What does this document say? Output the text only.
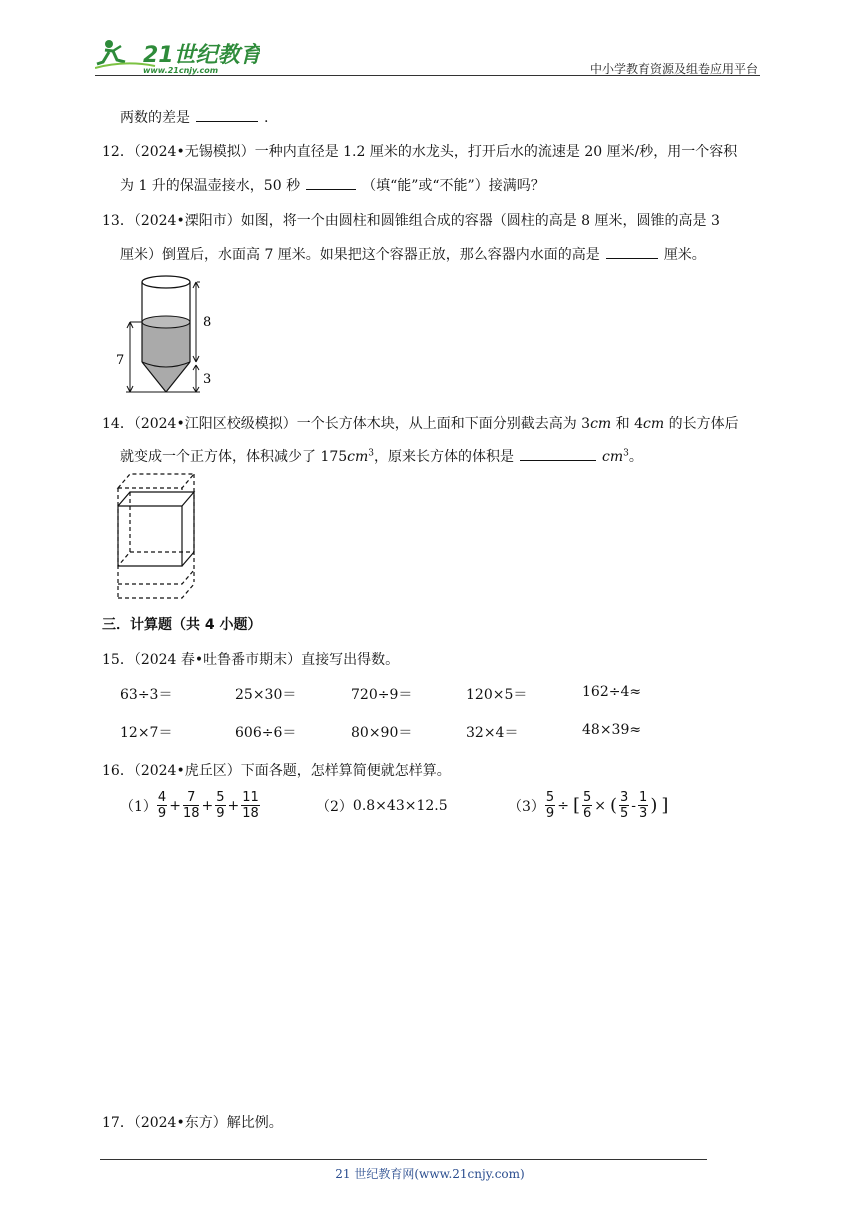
21世纪教育
www.21cnjy.com	中小学教育资源及组卷应用平台
两数的差是	.
12．（2024•无锡模拟）一种内直径是 1.2 厘米的水龙头，打开后水的流速是 20 厘米/秒，用一个容积
为 1 升的保温壶接水，50 秒	（填“能”或“不能”）接满吗？
13．（2024•溧阳市）如图，将一个由圆柱和圆锥组合成的容器（圆柱的高是 8 厘米，圆锥的高是 3
厘米）倒置后，水面高 7 厘米。如果把这个容器正放，那么容器内水面的高是	厘米。
8
7
3
14．（2024•江阳区校级模拟）一个长方体木块，从上面和下面分别截去高为 3cm 和 4cm 的长方体后
就变成一个正方体，体积减少了 $175cm^3$，原来长方体的体积是	$cm^3$。
三．计算题（共 4 小题）
15．（2024 春•吐鲁番市期末）直接写出得数。
63÷3＝	25×30＝	720÷9＝	120×5＝	162÷4≈
12×7＝	606÷6＝	80×90＝	32×4＝	48×39≈
16．（2024•虎丘区）下面各题，怎样算简便就怎样算。
$(1) \frac{4}{9} + \frac{7}{18} + \frac{5}{9} + \frac{11}{18}$	（2） 0.8×43×12.5	$(3) \frac{5}{9}$ ÷ [ $\frac{5}{6}$ × ( $\frac{3}{5} - \frac{1}{3}$ ) ]
17．（2024•东方）解比例。
21 世纪教育网(www.21cnjy.com)
